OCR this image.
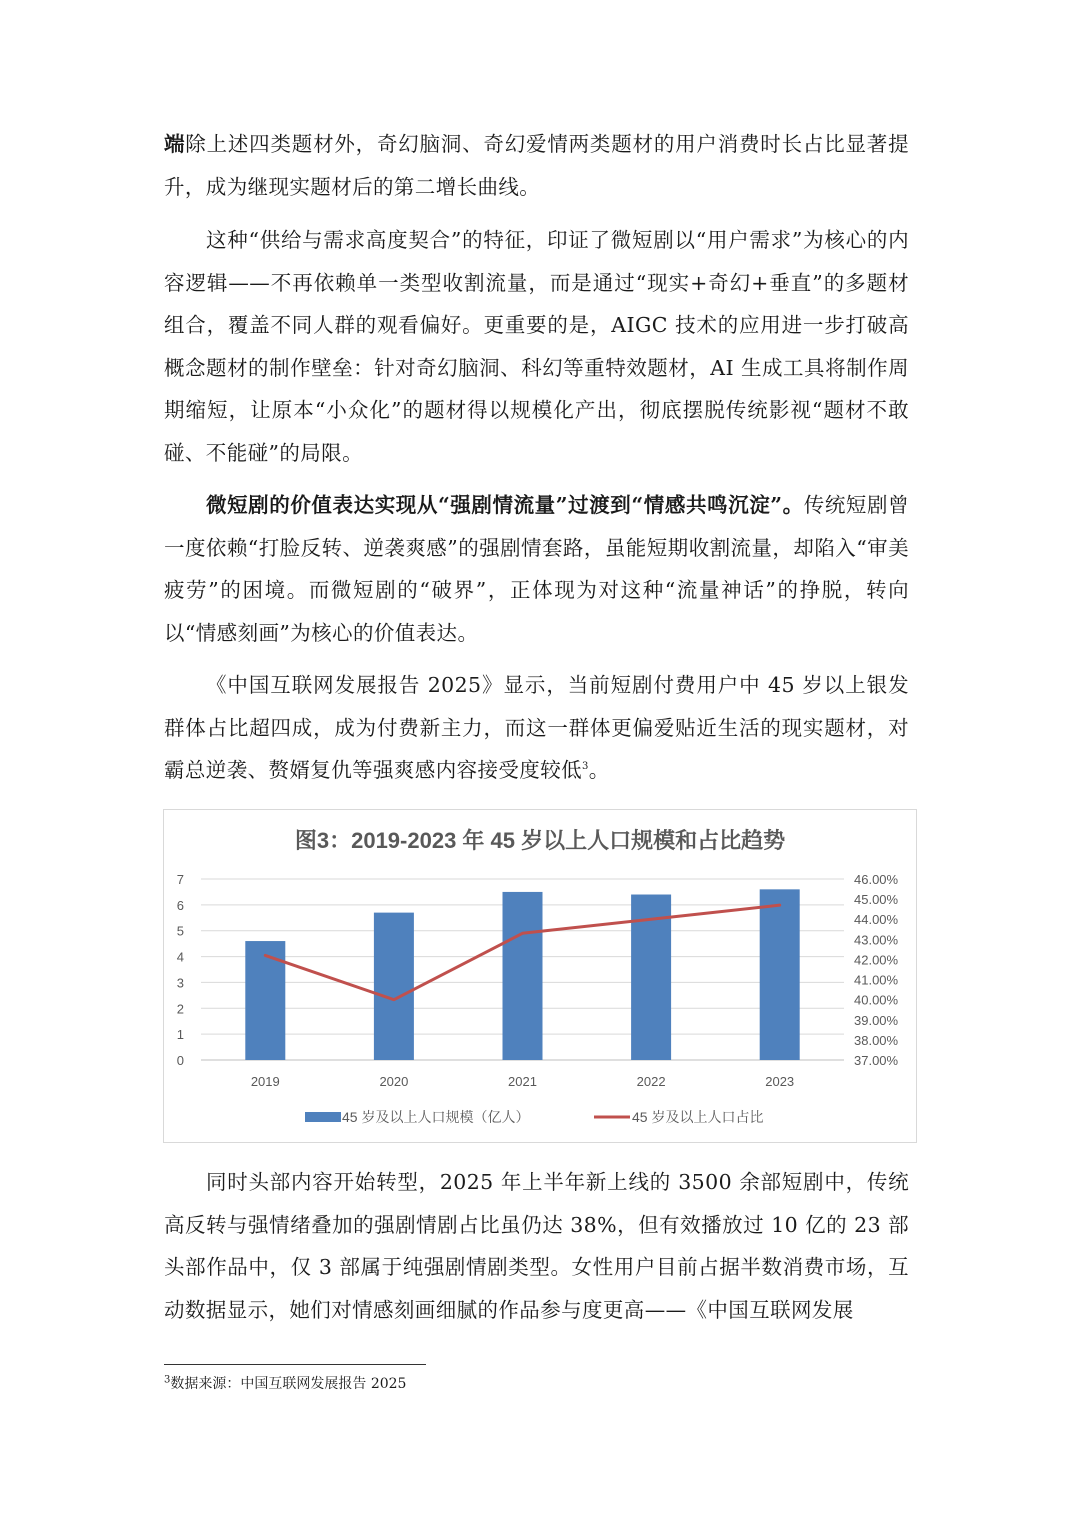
端除上述四类题材外，奇幻脑洞、奇幻爱情两类题材的用户消费时长占比显著提升，成为继现实题材后的第二增长曲线。

这种“供给与需求高度契合”的特征，印证了微短剧以“用户需求”为核心的内容逻辑——不再依赖单一类型收割流量，而是通过“现实+奇幻+垂直”的多题材组合，覆盖不同人群的观看偏好。更重要的是，AIGC 技术的应用进一步打破高概念题材的制作壁垒：针对奇幻脑洞、科幻等重特效题材，AI 生成工具将制作周期缩短，让原本“小众化”的题材得以规模化产出，彻底摆脱传统影视“题材不敢碰、不能碰”的局限。

微短剧的价值表达实现从“强剧情流量”过渡到“情感共鸣沉淀”。传统短剧曾一度依赖“打脸反转、逆袭爽感”的强剧情套路，虽能短期收割流量，却陷入“审美疲劳”的困境。而微短剧的“破界”，正体现为对这种“流量神话”的挣脱，转向以“情感刻画”为核心的价值表达。

《中国互联网发展报告 2025》显示，当前短剧付费用户中 45 岁以上银发群体占比超四成，成为付费新主力，而这一群体更偏爱贴近生活的现实题材，对霸总逆袭、赘婿复仇等强爽感内容接受度较低$^3$。

图3：2019-2023 年 45 岁以上人口规模和占比趋势
0
1
2
3
4
5
6
7
37.00%
38.00%
39.00%
40.00%
41.00%
42.00%
43.00%
44.00%
45.00%
46.00%
2019	2020	2021	2022	2023
45 岁及以上人口规模（亿人）	45 岁及以上人口占比

同时头部内容开始转型，2025 年上半年新上线的 3500 余部短剧中，传统高反转与强情绪叠加的强剧情剧占比虽仍达 38%，但有效播放过 10 亿的 23 部头部作品中，仅 3 部属于纯强剧情剧类型。女性用户目前占据半数消费市场，互动数据显示，她们对情感刻画细腻的作品参与度更高——《中国互联网发展

$^3$数据来源：中国互联网发展报告 2025
